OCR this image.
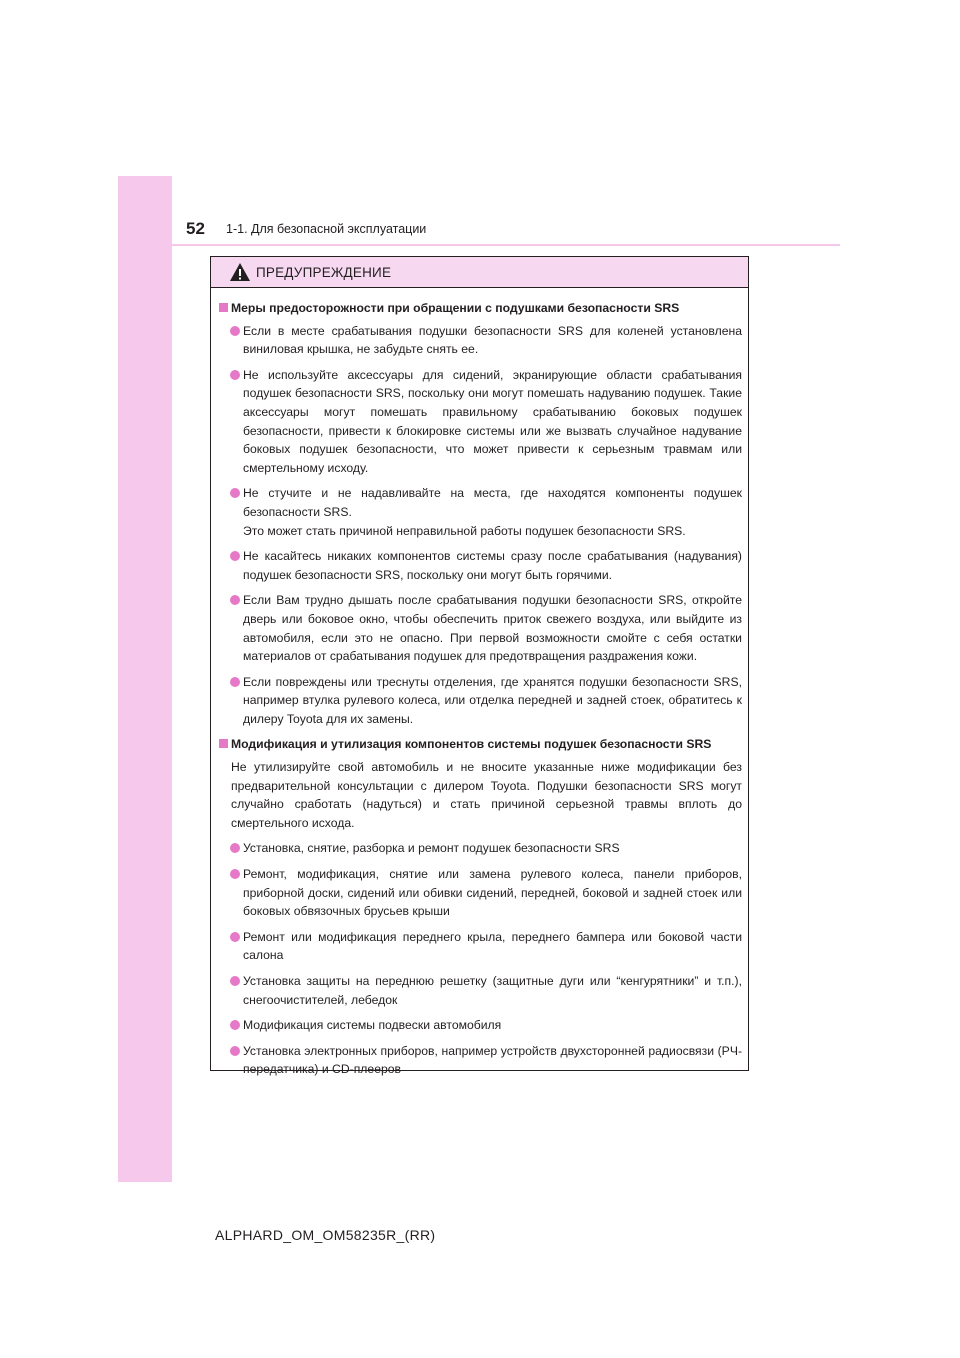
52 1-1. Для безопасной эксплуатации
ПРЕДУПРЕЖДЕНИЕ
Меры предосторожности при обращении с подушками безопасности SRS
Если в месте срабатывания подушки безопасности SRS для коленей установлена виниловая крышка, не забудьте снять ее.
Не используйте аксессуары для сидений, экранирующие области срабатывания подушек безопасности SRS, поскольку они могут помешать надуванию подушек. Такие аксессуары могут помешать правильному срабатыванию боковых подушек безопасности, привести к блокировке системы или же вызвать случайное надувание боковых подушек безопасности, что может привести к серьезным травмам или смертельному исходу.
Не стучите и не надавливайте на места, где находятся компоненты подушек безопасности SRS.
Это может стать причиной неправильной работы подушек безопасности SRS.
Не касайтесь никаких компонентов системы сразу после срабатывания (надувания) подушек безопасности SRS, поскольку они могут быть горячими.
Если Вам трудно дышать после срабатывания подушки безопасности SRS, откройте дверь или боковое окно, чтобы обеспечить приток свежего воздуха, или выйдите из автомобиля, если это не опасно. При первой возможности смойте с себя остатки материалов от срабатывания подушек для предотвращения раздражения кожи.
Если повреждены или треснуты отделения, где хранятся подушки безопасности SRS, например втулка рулевого колеса, или отделка передней и задней стоек, обратитесь к дилеру Toyota для их замены.
Модификация и утилизация компонентов системы подушек безопасности SRS
Не утилизируйте свой автомобиль и не вносите указанные ниже модификации без предварительной консультации с дилером Toyota. Подушки безопасности SRS могут случайно сработать (надуться) и стать причиной серьезной травмы вплоть до смертельного исхода.
Установка, снятие, разборка и ремонт подушек безопасности SRS
Ремонт, модификация, снятие или замена рулевого колеса, панели приборов, приборной доски, сидений или обивки сидений, передней, боковой и задней стоек или боковых обвязочных брусьев крыши
Ремонт или модификация переднего крыла, переднего бампера или боковой части салона
Установка защиты на переднюю решетку (защитные дуги или “кенгурятники” и т.п.), снегоочистителей, лебедок
Модификация системы подвески автомобиля
Установка электронных приборов, например устройств двухсторонней радиосвязи (РЧ-передатчика) и CD-плееров
ALPHARD_OM_OM58235R_(RR)
